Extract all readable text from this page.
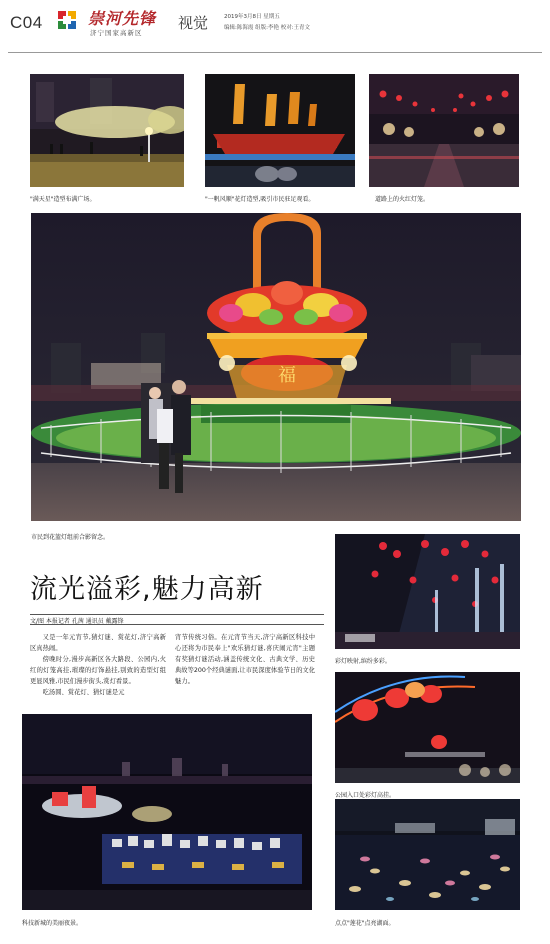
C04	崇河先锋
济宁国家高新区
视觉	2019年3月8日 星期五
编辑:陈海霞 组版:李艳 校对:王青文
"满天星"造型布满广场。	"一帆风顺"花灯造型,吸引市民驻足观看。	道路上的火红灯笼。
福
市民到花篮灯组前合影留念。
流光溢彩,魅力高新
文/图 本报记者 孔茜 通讯员 戴露锋

又是一年元宵节,猜灯谜、赏花灯,济宁高新区真热闹。

傍晚时分,漫步高新区各大路段、公园内,火红的灯笼高挂,璀璨的灯饰悬挂,别致的造型灯组更显风雅,市民们漫步街头,赏灯看景。

吃汤圆、赏花灯、猜灯谜是元

宵节传统习俗。在元宵节当天,济宁高新区科技中心还将为市民奉上"欢乐猜灯谜,喜庆闹元宵"主题有奖猜灯谜活动,涵盖传统文化、古典文学、历史典故等200个经典谜面,让市民深度体验节日的文化魅力。

彩灯映射,缤纷多彩。
公园入口处彩灯高挂。
科技新城的美丽夜景。	点点"莲花"点亮湖面。
